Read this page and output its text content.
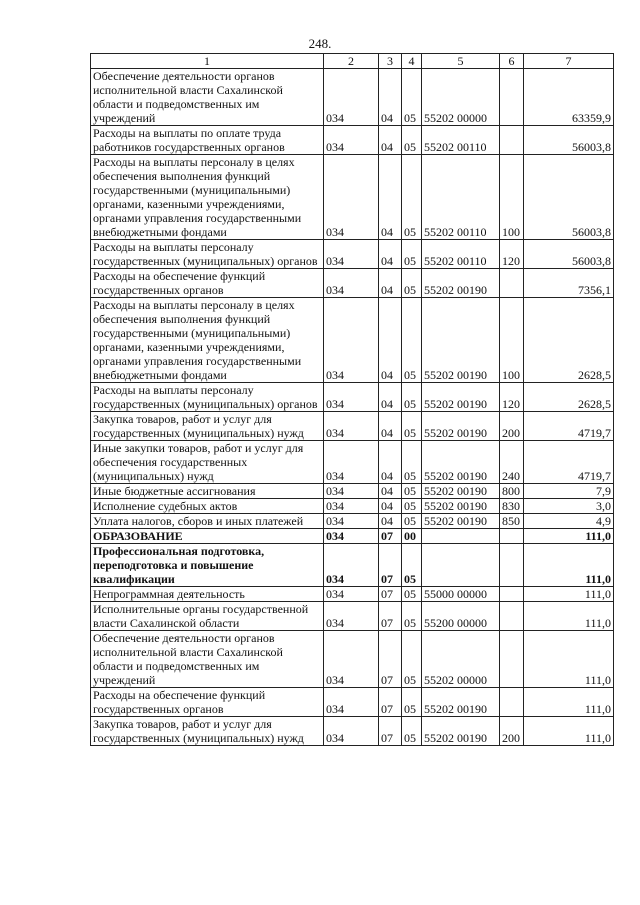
248.
1	2	3	4	5	6	7
Обеспечение деятельности органов исполнительной власти Сахалинской области и подведомственных им учреждений	034	04	05	55202 00000		63359,9
Расходы на выплаты по оплате труда работников государственных органов	034	04	05	55202 00110		56003,8
Расходы на выплаты персоналу в целях обеспечения выполнения функций государственными (муниципальными) органами, казенными учреждениями, органами управления государственными внебюджетными фондами	034	04	05	55202 00110	100	56003,8
Расходы на выплаты персоналу государственных (муниципальных) органов	034	04	05	55202 00110	120	56003,8
Расходы на обеспечение функций государственных органов	034	04	05	55202 00190		7356,1
Расходы на выплаты персоналу в целях обеспечения выполнения функций государственными (муниципальными) органами, казенными учреждениями, органами управления государственными внебюджетными фондами	034	04	05	55202 00190	100	2628,5
Расходы на выплаты персоналу государственных (муниципальных) органов	034	04	05	55202 00190	120	2628,5
Закупка товаров, работ и услуг для государственных (муниципальных) нужд	034	04	05	55202 00190	200	4719,7
Иные закупки товаров, работ и услуг для обеспечения государственных (муниципальных) нужд	034	04	05	55202 00190	240	4719,7
Иные бюджетные ассигнования	034	04	05	55202 00190	800	7,9
Исполнение судебных актов	034	04	05	55202 00190	830	3,0
Уплата налогов, сборов и иных платежей	034	04	05	55202 00190	850	4,9
ОБРАЗОВАНИЕ	034	07	00			111,0
Профессиональная подготовка, переподготовка и повышение квалификации	034	07	05			111,0
Непрограммная деятельность	034	07	05	55000 00000		111,0
Исполнительные органы государственной власти Сахалинской области	034	07	05	55200 00000		111,0
Обеспечение деятельности органов исполнительной власти Сахалинской области и подведомственных им учреждений	034	07	05	55202 00000		111,0
Расходы на обеспечение функций государственных органов	034	07	05	55202 00190		111,0
Закупка товаров, работ и услуг для государственных (муниципальных) нужд	034	07	05	55202 00190	200	111,0
